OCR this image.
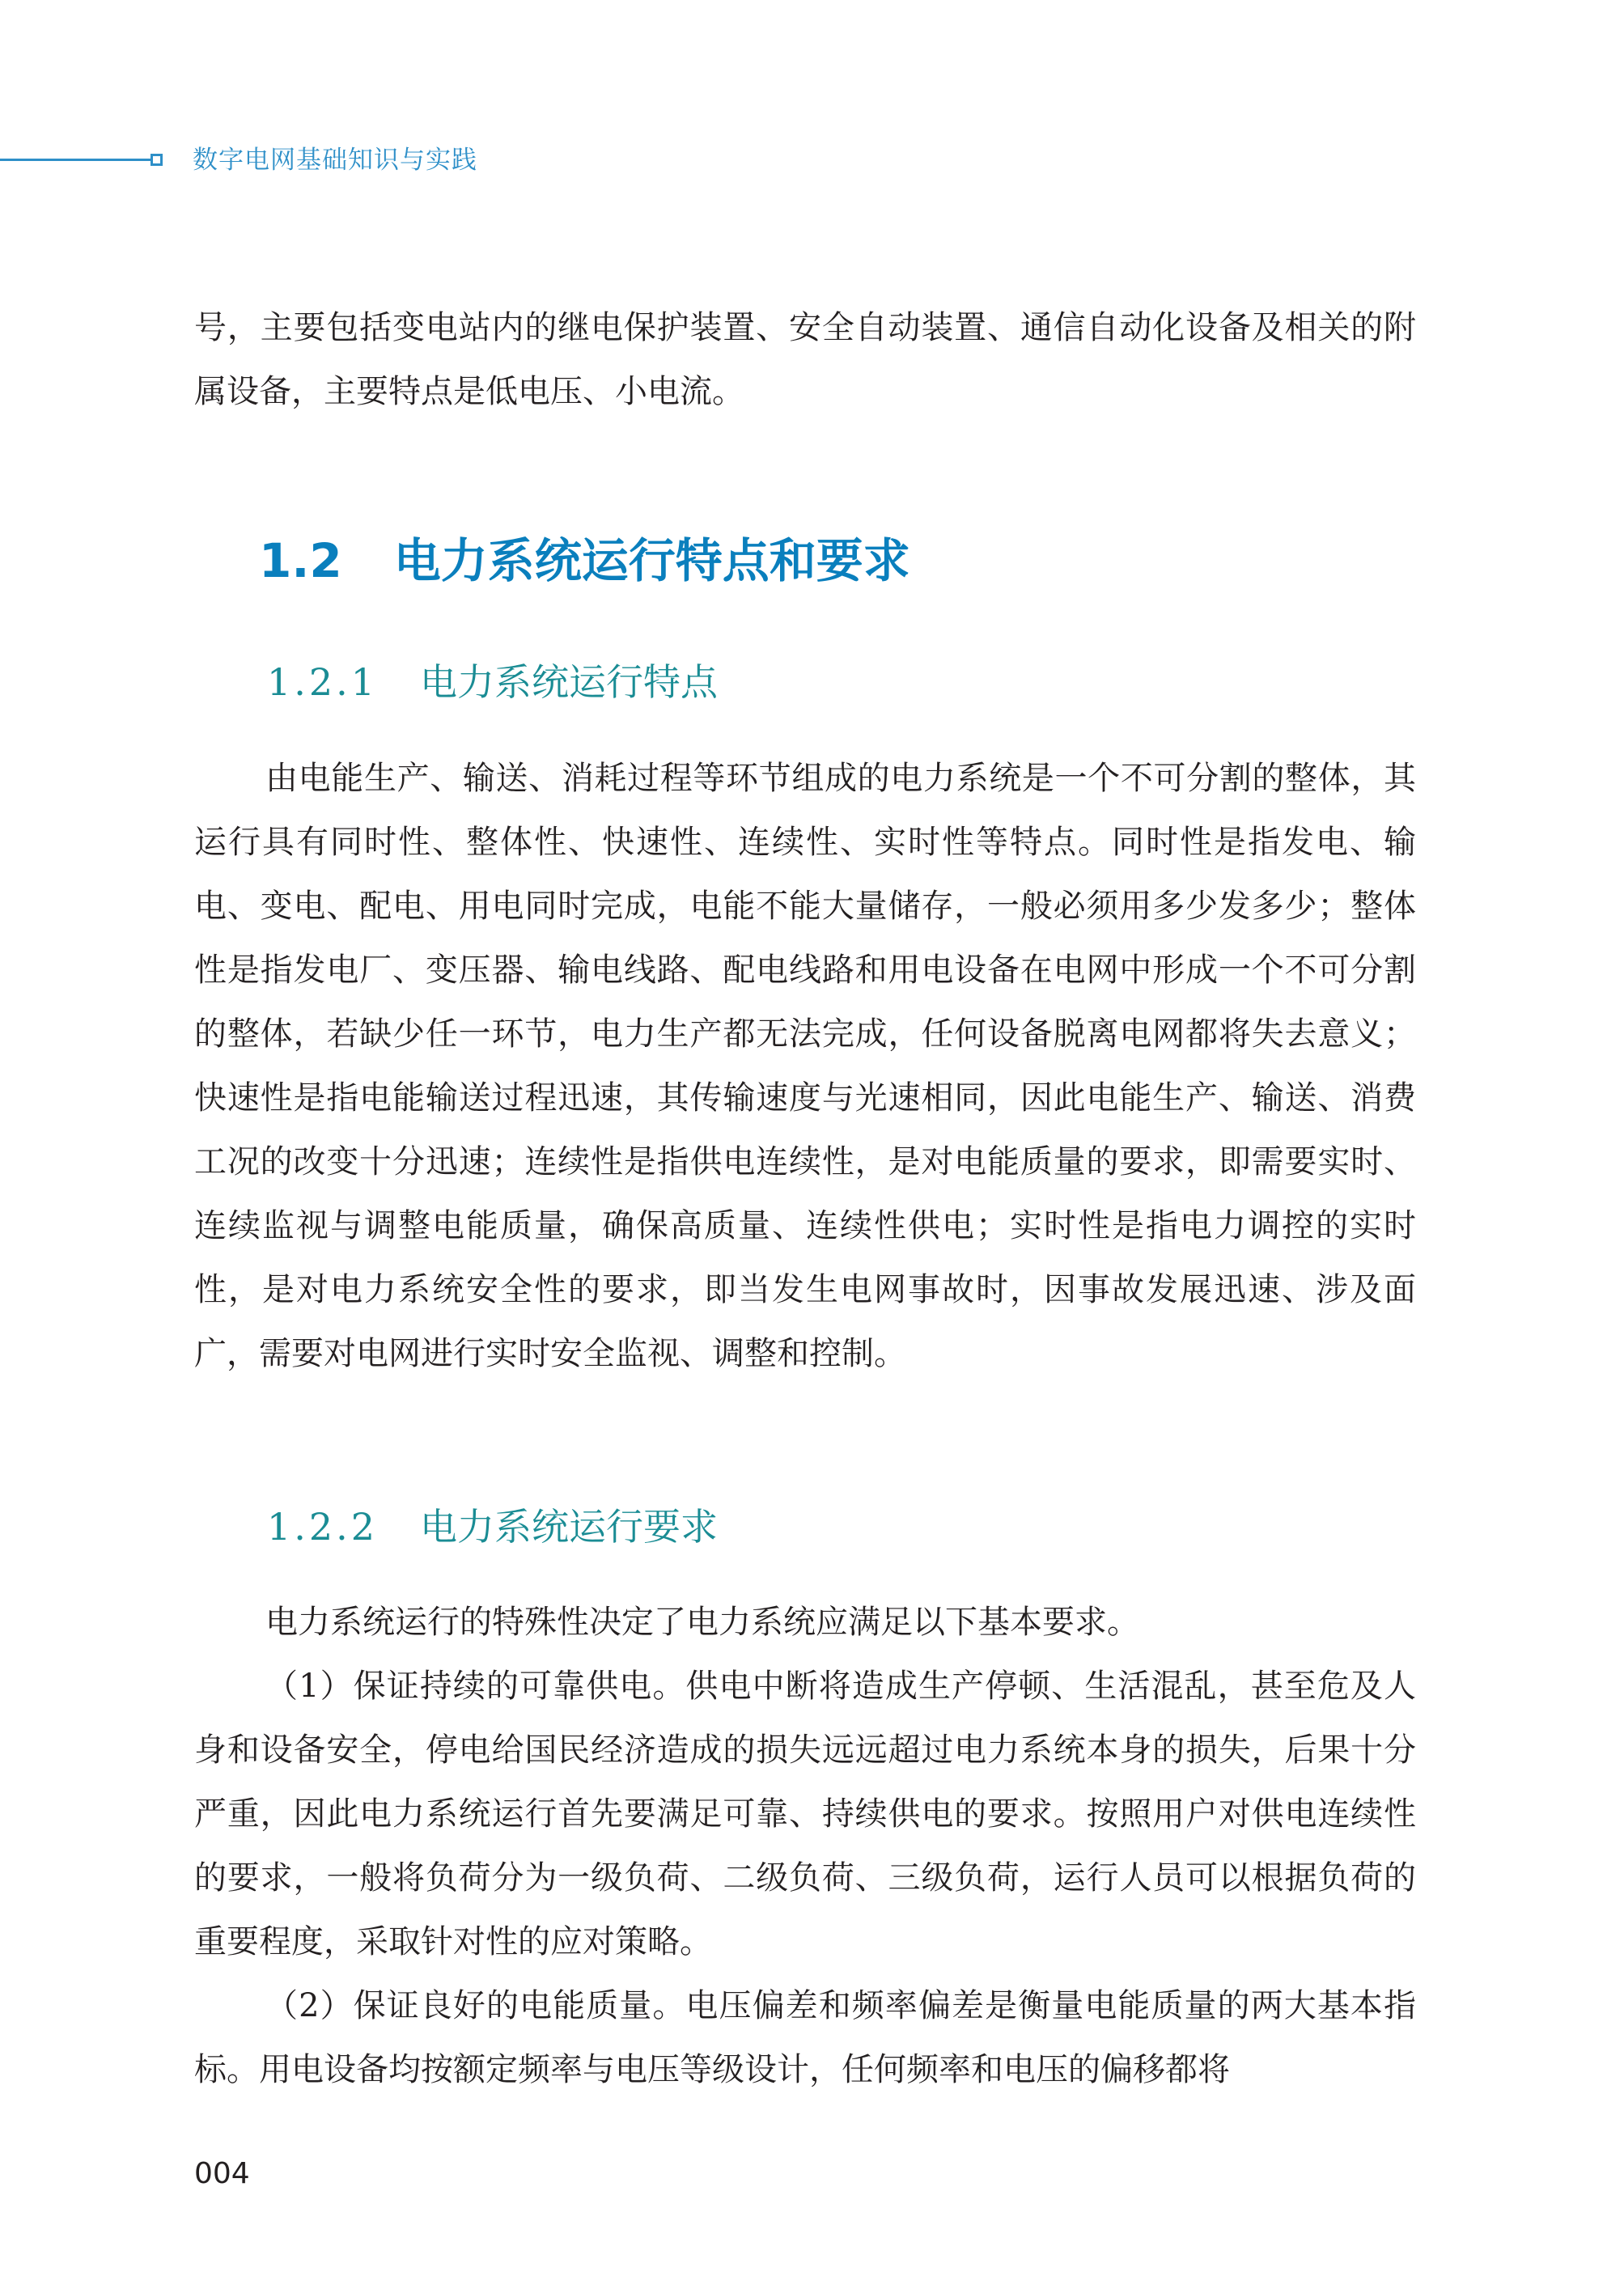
数字电网基础知识与实践

号，主要包括变电站内的继电保护装置、安全自动装置、通信自动化设备及相关的附属设备，主要特点是低电压、小电流。

1.2 电力系统运行特点和要求
1.2.1 电力系统运行特点

由电能生产、输送、消耗过程等环节组成的电力系统是一个不可分割的整体，其运行具有同时性、整体性、快速性、连续性、实时性等特点。同时性是指发电、输电、变电、配电、用电同时完成，电能不能大量储存，一般必须用多少发多少；整体性是指发电厂、变压器、输电线路、配电线路和用电设备在电网中形成一个不可分割的整体，若缺少任一环节，电力生产都无法完成，任何设备脱离电网都将失去意义；快速性是指电能输送过程迅速，其传输速度与光速相同，因此电能生产、输送、消费工况的改变十分迅速；连续性是指供电连续性，是对电能质量的要求，即需要实时、连续监视与调整电能质量，确保高质量、连续性供电；实时性是指电力调控的实时性，是对电力系统安全性的要求，即当发生电网事故时，因事故发展迅速、涉及面广，需要对电网进行实时安全监视、调整和控制。

1.2.2 电力系统运行要求

电力系统运行的特殊性决定了电力系统应满足以下基本要求。

（1）保证持续的可靠供电。供电中断将造成生产停顿、生活混乱，甚至危及人身和设备安全，停电给国民经济造成的损失远远超过电力系统本身的损失，后果十分严重，因此电力系统运行首先要满足可靠、持续供电的要求。按照用户对供电连续性的要求，一般将负荷分为一级负荷、二级负荷、三级负荷，运行人员可以根据负荷的重要程度，采取针对性的应对策略。

（2）保证良好的电能质量。电压偏差和频率偏差是衡量电能质量的两大基本指标。用电设备均按额定频率与电压等级设计，任何频率和电压的偏移都将

004
